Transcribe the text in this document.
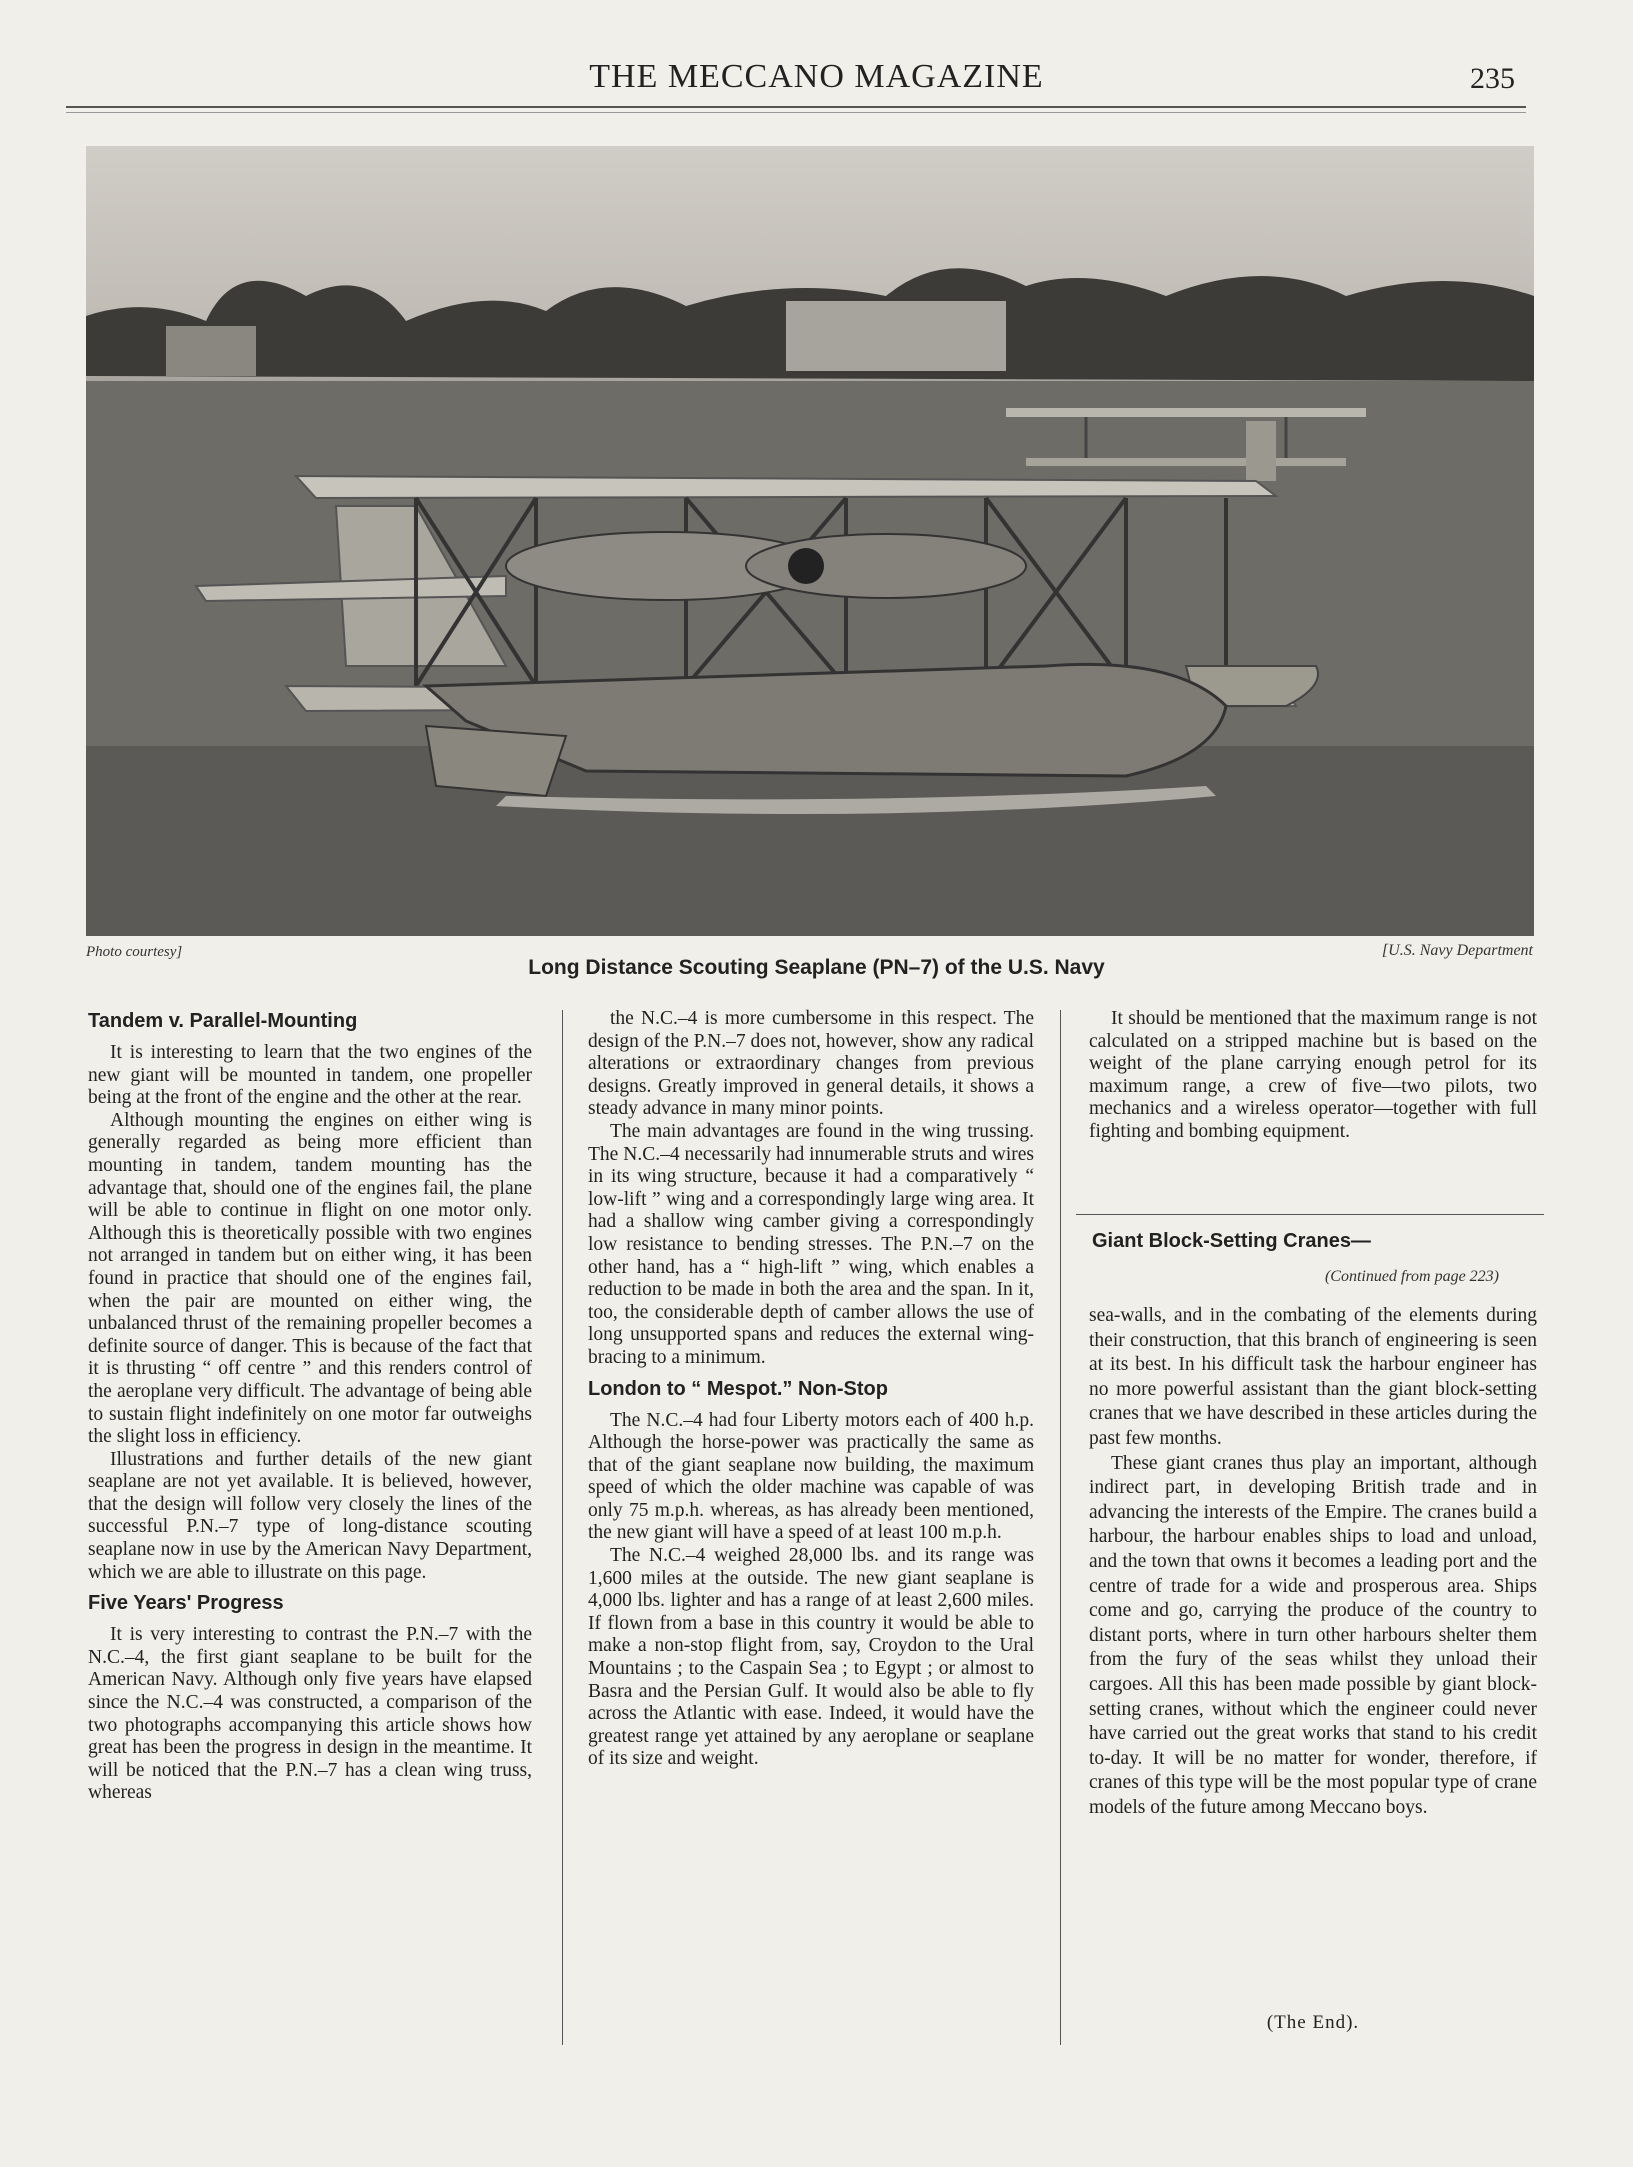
THE MECCANO MAGAZINE	235
Photo courtesy]	[U.S. Navy Department
Long Distance Scouting Seaplane (PN–7) of the U.S. Navy
Tandem v. Parallel-Mounting

It is interesting to learn that the two engines of the new giant will be mounted in tandem, one propeller being at the front of the engine and the other at the rear.

Although mounting the engines on either wing is generally regarded as being more efficient than mounting in tandem, tandem mounting has the advantage that, should one of the engines fail, the plane will be able to continue in flight on one motor only. Although this is theoretically possible with two engines not arranged in tandem but on either wing, it has been found in practice that should one of the engines fail, when the pair are mounted on either wing, the unbalanced thrust of the remaining propeller becomes a definite source of danger. This is because of the fact that it is thrusting “ off centre ” and this renders control of the aeroplane very difficult. The advantage of being able to sustain flight indefinitely on one motor far outweighs the slight loss in efficiency.

Illustrations and further details of the new giant seaplane are not yet available. It is believed, however, that the design will follow very closely the lines of the successful P.N.–7 type of long-distance scouting seaplane now in use by the American Navy Department, which we are able to illustrate on this page.

Five Years' Progress

It is very interesting to contrast the P.N.–7 with the N.C.–4, the first giant seaplane to be built for the American Navy. Although only five years have elapsed since the N.C.–4 was constructed, a comparison of the two photographs accompanying this article shows how great has been the progress in design in the meantime. It will be noticed that the P.N.–7 has a clean wing truss, whereas

the N.C.–4 is more cumbersome in this respect. The design of the P.N.–7 does not, however, show any radical alterations or extraordinary changes from previous designs. Greatly improved in general details, it shows a steady advance in many minor points.

The main advantages are found in the wing trussing. The N.C.–4 necessarily had innumerable struts and wires in its wing structure, because it had a comparatively “ low-lift ” wing and a correspondingly large wing area. It had a shallow wing camber giving a correspondingly low resistance to bending stresses. The P.N.–7 on the other hand, has a “ high-lift ” wing, which enables a reduction to be made in both the area and the span. In it, too, the considerable depth of camber allows the use of long unsupported spans and reduces the external wing-bracing to a minimum.

London to “ Mespot.” Non-Stop

The N.C.–4 had four Liberty motors each of 400 h.p. Although the horse-power was practically the same as that of the giant seaplane now building, the maximum speed of which the older machine was capable of was only 75 m.p.h. whereas, as has already been mentioned, the new giant will have a speed of at least 100 m.p.h.

The N.C.–4 weighed 28,000 lbs. and its range was 1,600 miles at the outside. The new giant seaplane is 4,000 lbs. lighter and has a range of at least 2,600 miles. If flown from a base in this country it would be able to make a non-stop flight from, say, Croydon to the Ural Mountains ; to the Caspain Sea ; to Egypt ; or almost to Basra and the Persian Gulf. It would also be able to fly across the Atlantic with ease. Indeed, it would have the greatest range yet attained by any aeroplane or seaplane of its size and weight.

It should be mentioned that the maximum range is not calculated on a stripped machine but is based on the weight of the plane carrying enough petrol for its maximum range, a crew of five—two pilots, two mechanics and a wireless operator—together with full fighting and bombing equipment.

Giant Block-Setting Cranes—
(Continued from page 223)

sea-walls, and in the combating of the elements during their construction, that this branch of engineering is seen at its best. In his difficult task the harbour engineer has no more powerful assistant than the giant block-setting cranes that we have described in these articles during the past few months.

These giant cranes thus play an important, although indirect part, in developing British trade and in advancing the interests of the Empire. The cranes build a harbour, the harbour enables ships to load and unload, and the town that owns it becomes a leading port and the centre of trade for a wide and prosperous area. Ships come and go, carrying the produce of the country to distant ports, where in turn other harbours shelter them from the fury of the seas whilst they unload their cargoes. All this has been made possible by giant block-setting cranes, without which the engineer could never have carried out the great works that stand to his credit to-day. It will be no matter for wonder, therefore, if cranes of this type will be the most popular type of crane models of the future among Meccano boys.

(The End).
